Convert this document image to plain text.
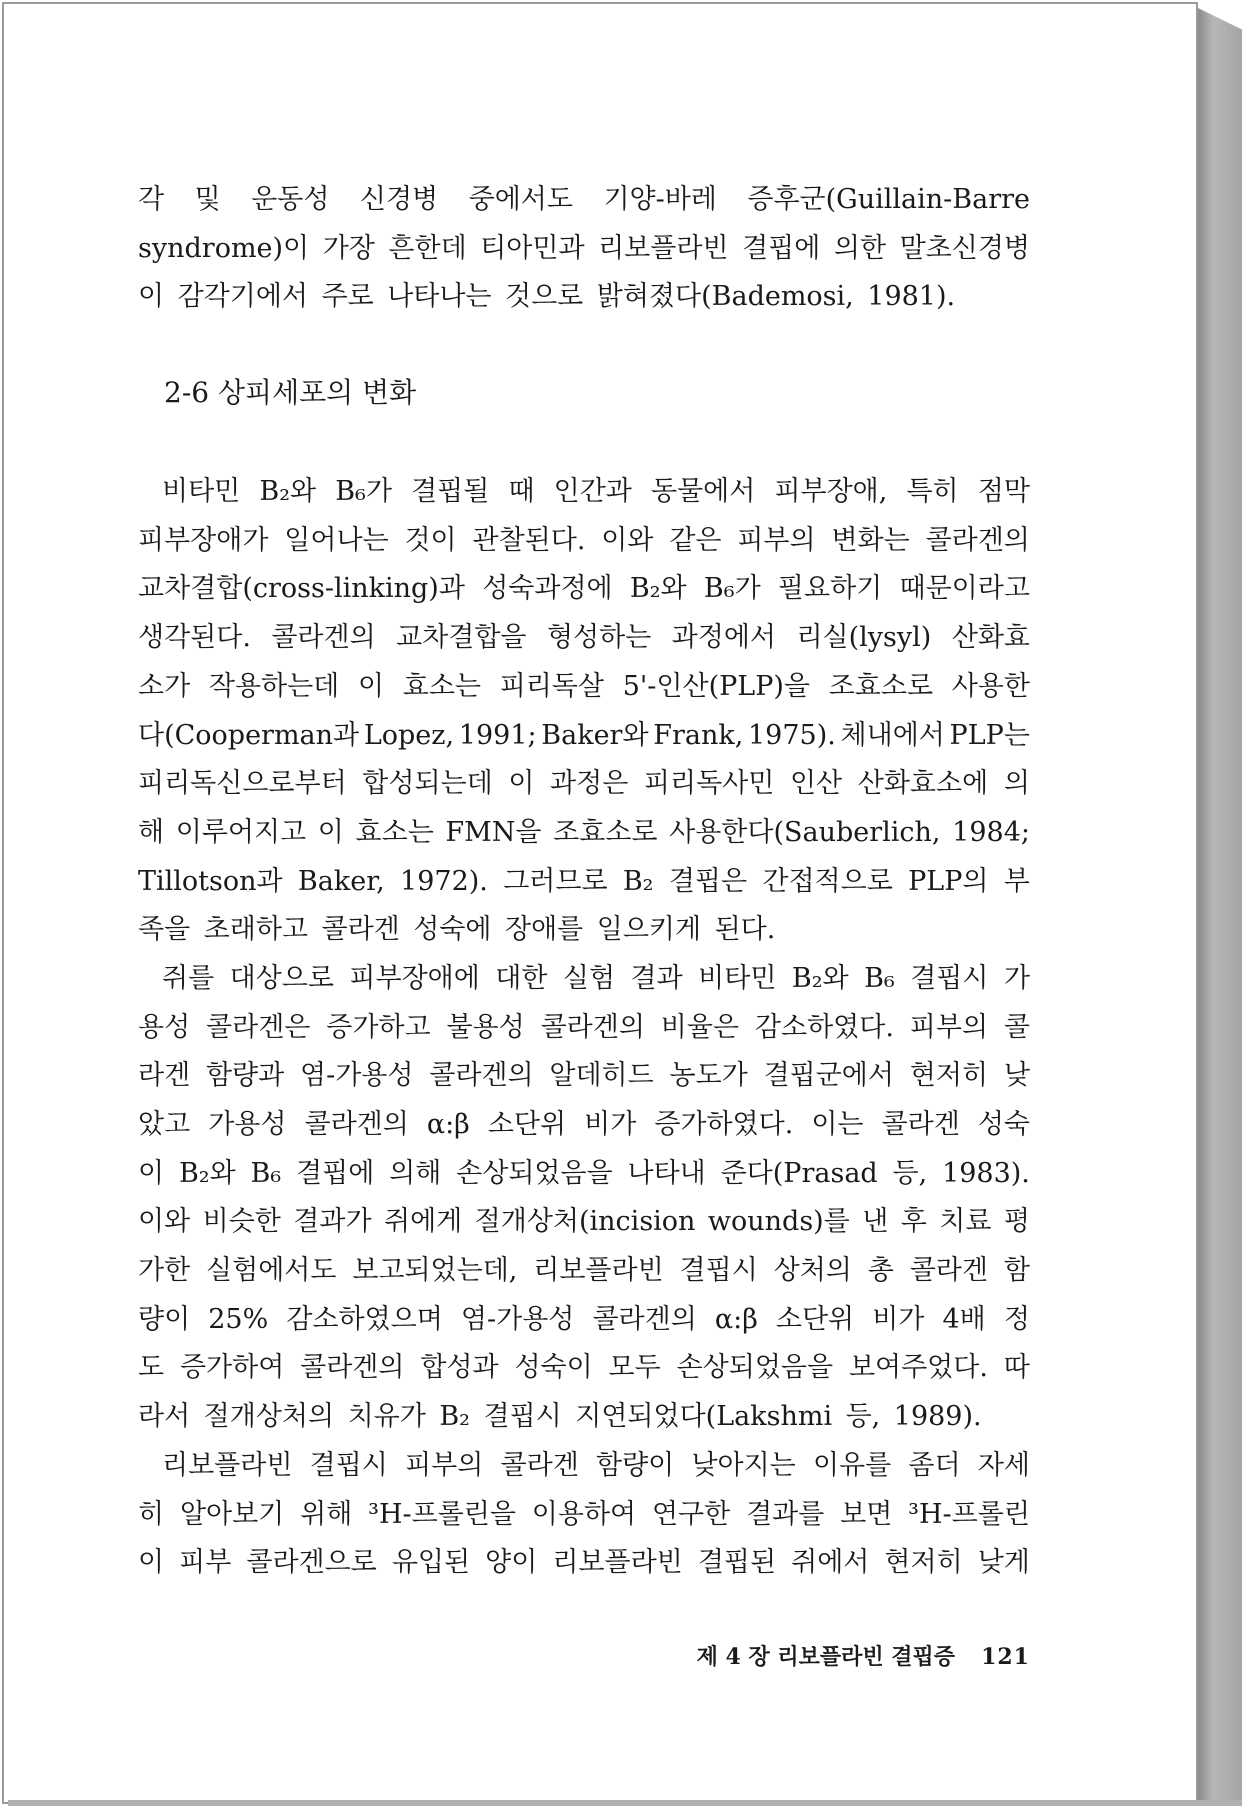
각 및 운동성 신경병 중에서도 기양-바레 증후군(Guillain-Barre
syndrome)이 가장 흔한데 티아민과 리보플라빈 결핍에 의한 말초신경병
이 감각기에서 주로 나타나는 것으로 밝혀졌다(Bademosi, 1981).
2-6 상피세포의 변화
비타민 B₂와 B₆가 결핍될 때 인간과 동물에서 피부장애, 특히 점막
피부장애가 일어나는 것이 관찰된다. 이와 같은 피부의 변화는 콜라겐의
교차결합(cross-linking)과 성숙과정에 B₂와 B₆가 필요하기 때문이라고
생각된다. 콜라겐의 교차결합을 형성하는 과정에서 리실(lysyl) 산화효
소가 작용하는데 이 효소는 피리독살 5'-인산(PLP)을 조효소로 사용한
다(Cooperman과 Lopez, 1991; Baker와 Frank, 1975). 체내에서 PLP는
피리독신으로부터 합성되는데 이 과정은 피리독사민 인산 산화효소에 의
해 이루어지고 이 효소는 FMN을 조효소로 사용한다(Sauberlich, 1984;
Tillotson과 Baker, 1972). 그러므로 B₂ 결핍은 간접적으로 PLP의 부
족을 초래하고 콜라겐 성숙에 장애를 일으키게 된다.
쥐를 대상으로 피부장애에 대한 실험 결과 비타민 B₂와 B₆ 결핍시 가
용성 콜라겐은 증가하고 불용성 콜라겐의 비율은 감소하였다. 피부의 콜
라겐 함량과 염-가용성 콜라겐의 알데히드 농도가 결핍군에서 현저히 낮
았고 가용성 콜라겐의 α:β 소단위 비가 증가하였다. 이는 콜라겐 성숙
이 B₂와 B₆ 결핍에 의해 손상되었음을 나타내 준다(Prasad 등, 1983).
이와 비슷한 결과가 쥐에게 절개상처(incision wounds)를 낸 후 치료 평
가한 실험에서도 보고되었는데, 리보플라빈 결핍시 상처의 총 콜라겐 함
량이 25% 감소하였으며 염-가용성 콜라겐의 α:β 소단위 비가 4배 정
도 증가하여 콜라겐의 합성과 성숙이 모두 손상되었음을 보여주었다. 따
라서 절개상처의 치유가 B₂ 결핍시 지연되었다(Lakshmi 등, 1989).
리보플라빈 결핍시 피부의 콜라겐 함량이 낮아지는 이유를 좀더 자세
히 알아보기 위해 ³H-프롤린을 이용하여 연구한 결과를 보면 ³H-프롤린
이 피부 콜라겐으로 유입된 양이 리보플라빈 결핍된 쥐에서 현저히 낮게
제 4 장 리보플라빈 결핍증 121
